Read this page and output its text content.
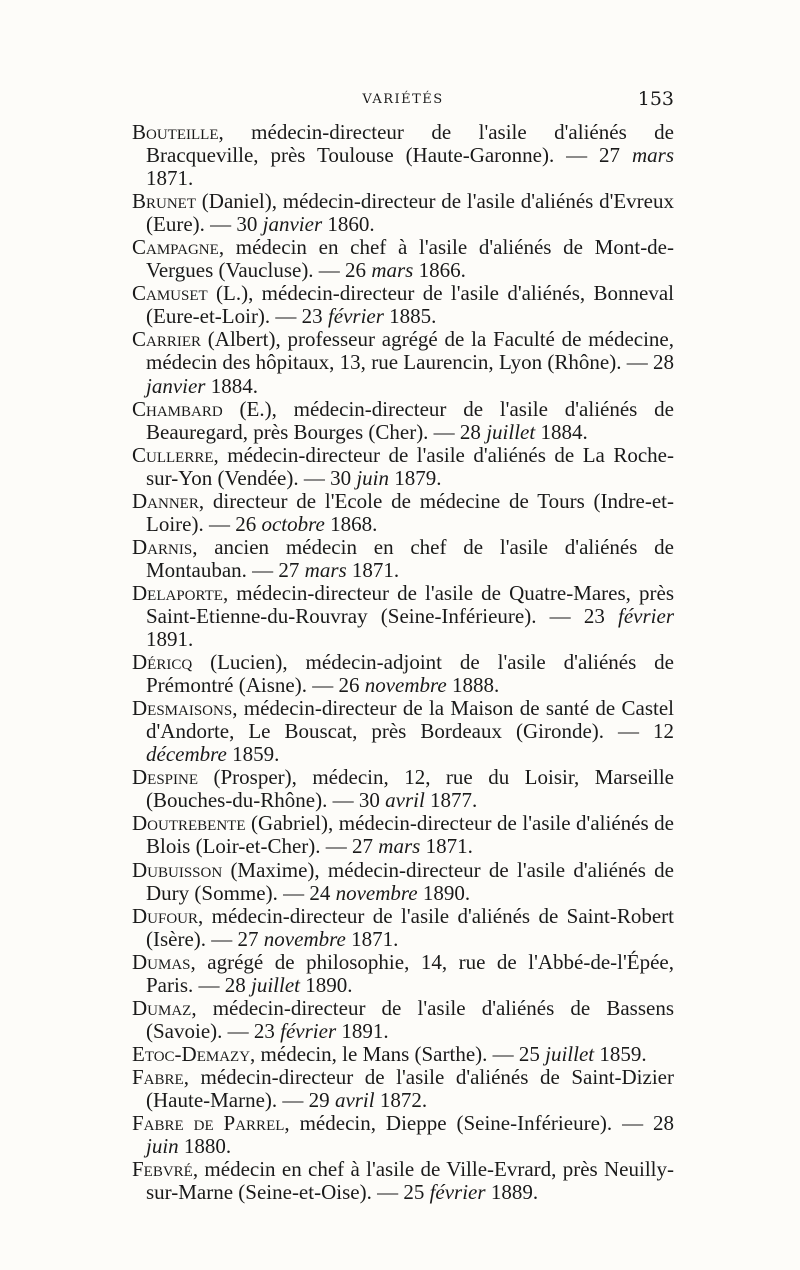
VARIÉTÉS	153

Bouteille, médecin-directeur de l'asile d'aliénés de Bracqueville, près Toulouse (Haute-Garonne). — 27 mars 1871.

Brunet (Daniel), médecin-directeur de l'asile d'aliénés d'Evreux (Eure). — 30 janvier 1860.

Campagne, médecin en chef à l'asile d'aliénés de Mont-de-Vergues (Vaucluse). — 26 mars 1866.

Camuset (L.), médecin-directeur de l'asile d'aliénés, Bonneval (Eure-et-Loir). — 23 février 1885.

Carrier (Albert), professeur agrégé de la Faculté de médecine, médecin des hôpitaux, 13, rue Laurencin, Lyon (Rhône). — 28 janvier 1884.

Chambard (E.), médecin-directeur de l'asile d'aliénés de Beauregard, près Bourges (Cher). — 28 juillet 1884.

Cullerre, médecin-directeur de l'asile d'aliénés de La Roche-sur-Yon (Vendée). — 30 juin 1879.

Danner, directeur de l'Ecole de médecine de Tours (Indre-et-Loire). — 26 octobre 1868.

Darnis, ancien médecin en chef de l'asile d'aliénés de Montauban. — 27 mars 1871.

Delaporte, médecin-directeur de l'asile de Quatre-Mares, près Saint-Etienne-du-Rouvray (Seine-Inférieure). — 23 février 1891.

Déricq (Lucien), médecin-adjoint de l'asile d'aliénés de Prémontré (Aisne). — 26 novembre 1888.

Desmaisons, médecin-directeur de la Maison de santé de Castel d'Andorte, Le Bouscat, près Bordeaux (Gironde). — 12 décembre 1859.

Despine (Prosper), médecin, 12, rue du Loisir, Marseille (Bouches-du-Rhône). — 30 avril 1877.

Doutrebente (Gabriel), médecin-directeur de l'asile d'aliénés de Blois (Loir-et-Cher). — 27 mars 1871.

Dubuisson (Maxime), médecin-directeur de l'asile d'aliénés de Dury (Somme). — 24 novembre 1890.

Dufour, médecin-directeur de l'asile d'aliénés de Saint-Robert (Isère). — 27 novembre 1871.

Dumas, agrégé de philosophie, 14, rue de l'Abbé-de-l'Épée, Paris. — 28 juillet 1890.

Dumaz, médecin-directeur de l'asile d'aliénés de Bassens (Savoie). — 23 février 1891.

Etoc-Demazy, médecin, le Mans (Sarthe). — 25 juillet 1859.

Fabre, médecin-directeur de l'asile d'aliénés de Saint-Dizier (Haute-Marne). — 29 avril 1872.

Fabre de Parrel, médecin, Dieppe (Seine-Inférieure). — 28 juin 1880.

Febvré, médecin en chef à l'asile de Ville-Evrard, près Neuilly-sur-Marne (Seine-et-Oise). — 25 février 1889.
